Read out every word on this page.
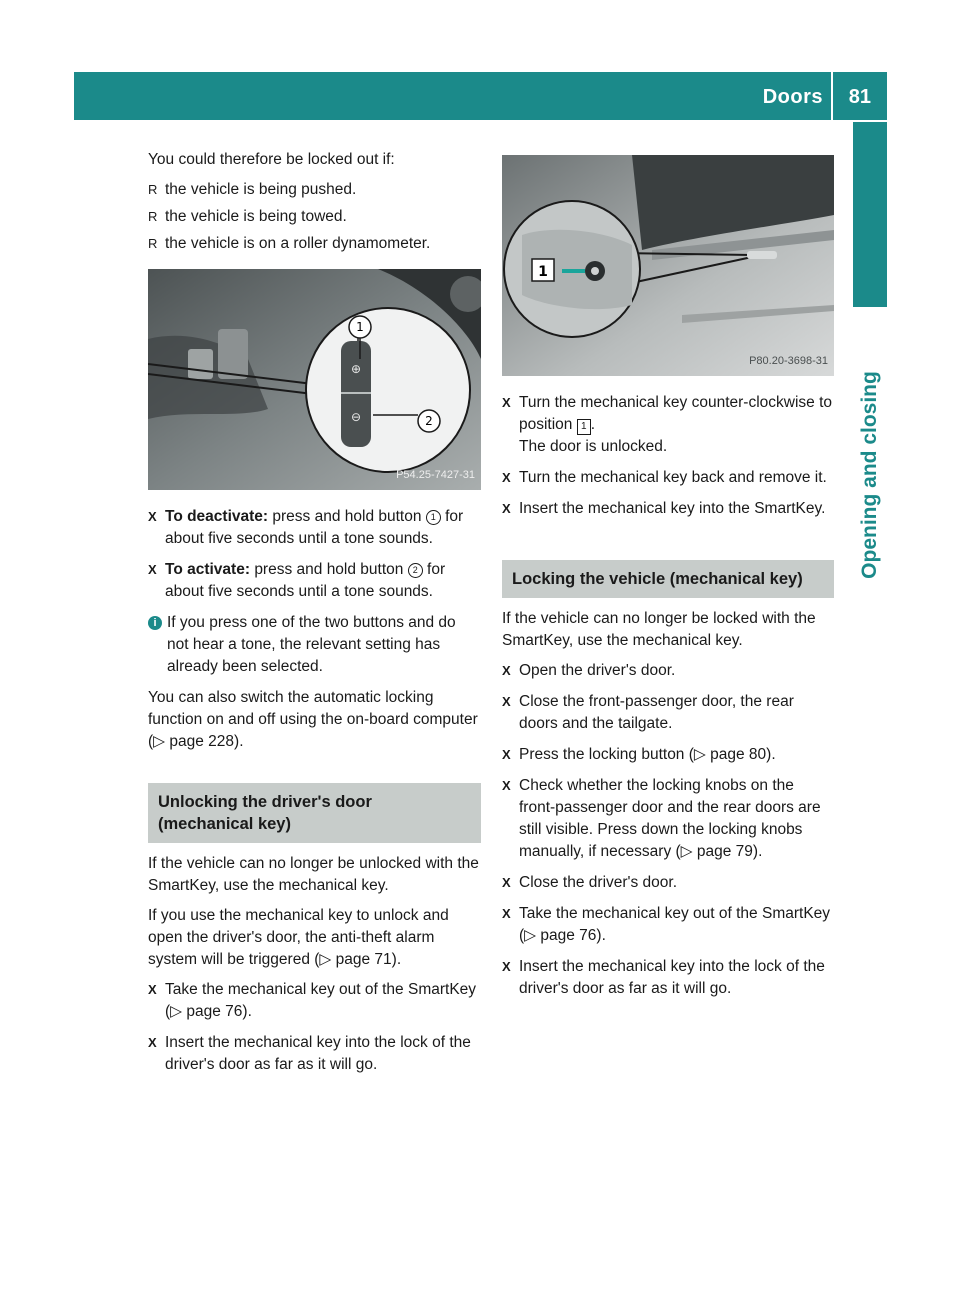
Doors 81
Opening and closing

You could therefore be locked out if:

R the vehicle is being pushed.
R the vehicle is being towed.
R the vehicle is on a roller dynamometer.
⊕
⊖
1
2
P54.25-7427-31
X To deactivate: press and hold button 1 for about five seconds until a tone sounds.
X To activate: press and hold button 2 for about five seconds until a tone sounds.
i If you press one of the two buttons and do not hear a tone, the relevant setting has already been selected.

You can also switch the automatic locking function on and off using the on-board computer (▷ page 228).

Unlocking the driver's door
(mechanical key)

If the vehicle can no longer be unlocked with the SmartKey, use the mechanical key.

If you use the mechanical key to unlock and open the driver's door, the anti-theft alarm system will be triggered (▷ page 71).

X Take the mechanical key out of the SmartKey (▷ page 76).
X Insert the mechanical key into the lock of the driver's door as far as it will go.
1
P80.20-3698-31
X Turn the mechanical key counter-clockwise to position 1 .
The door is unlocked.
X Turn the mechanical key back and remove it.
X Insert the mechanical key into the SmartKey.
Locking the vehicle (mechanical key)

If the vehicle can no longer be locked with the SmartKey, use the mechanical key.

X Open the driver's door.
X Close the front-passenger door, the rear doors and the tailgate.
X Press the locking button (▷ page 80).
X Check whether the locking knobs on the front-passenger door and the rear doors are still visible. Press down the locking knobs manually, if necessary (▷ page 79).
X Close the driver's door.
X Take the mechanical key out of the SmartKey (▷ page 76).
X Insert the mechanical key into the lock of the driver's door as far as it will go.
